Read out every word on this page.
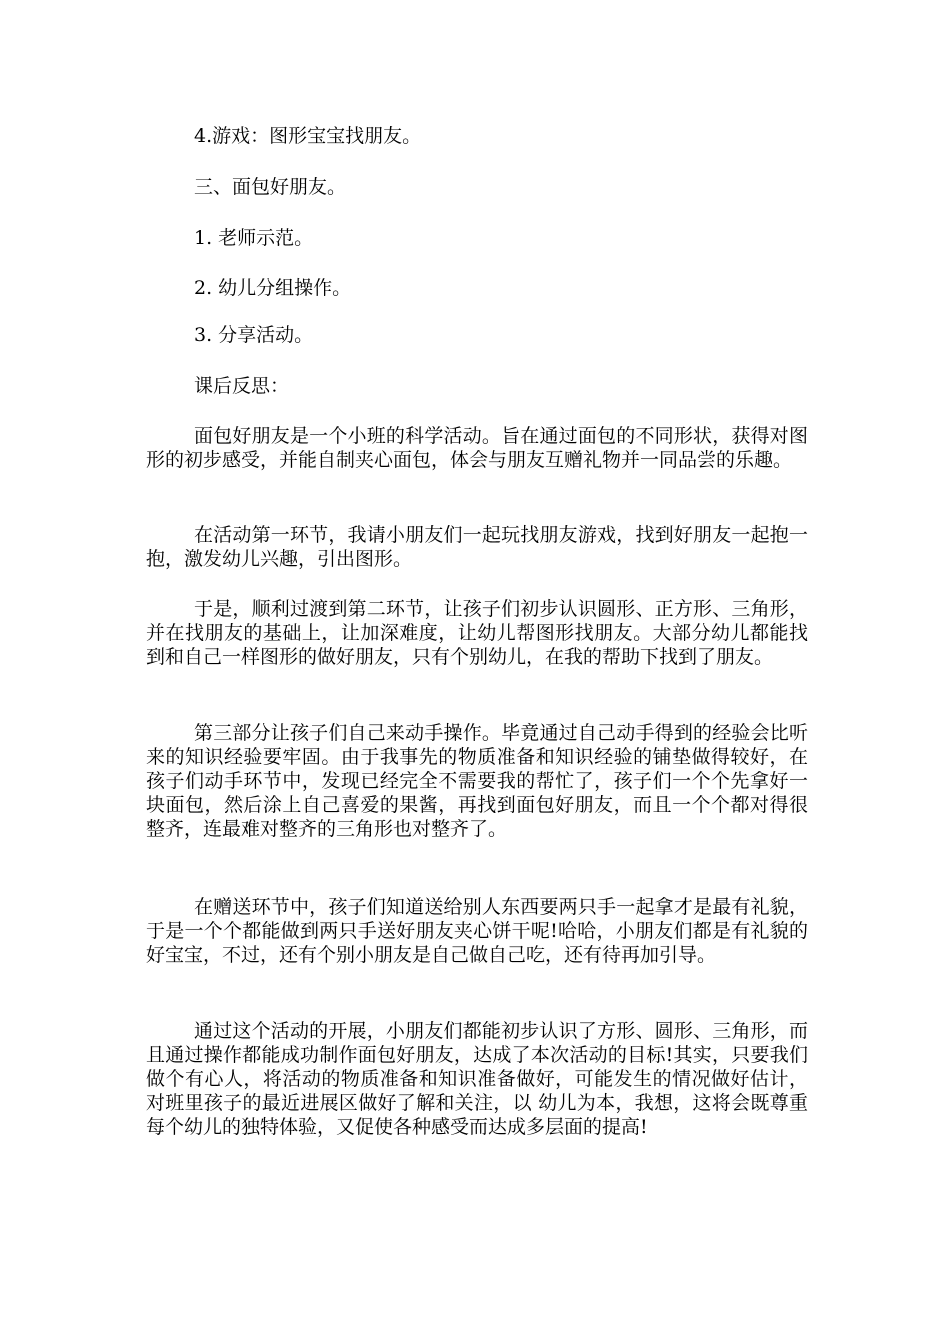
4.游戏：图形宝宝找朋友。

三、面包好朋友。

1. 老师示范。

2. 幼儿分组操作。

3. 分享活动。

课后反思：

面包好朋友是一个小班的科学活动。旨在通过面包的不同形状，获得对图形的初步感受，并能自制夹心面包，体会与朋友互赠礼物并一同品尝的乐趣。

在活动第一环节，我请小朋友们一起玩找朋友游戏，找到好朋友一起抱一抱，激发幼儿兴趣，引出图形。

于是，顺利过渡到第二环节，让孩子们初步认识圆形、正方形、三角形，并在找朋友的基础上，让加深难度，让幼儿帮图形找朋友。大部分幼儿都能找到和自己一样图形的做好朋友，只有个别幼儿，在我的帮助下找到了朋友。

第三部分让孩子们自己来动手操作。毕竟通过自己动手得到的经验会比听来的知识经验要牢固。由于我事先的物质准备和知识经验的铺垫做得较好，在孩子们动手环节中，发现已经完全不需要我的帮忙了，孩子们一个个先拿好一块面包，然后涂上自己喜爱的果酱，再找到面包好朋友，而且一个个都对得很整齐，连最难对整齐的三角形也对整齐了。

在赠送环节中，孩子们知道送给别人东西要两只手一起拿才是最有礼貌，于是一个个都能做到两只手送好朋友夹心饼干呢!哈哈，小朋友们都是有礼貌的好宝宝，不过，还有个别小朋友是自己做自己吃，还有待再加引导。

通过这个活动的开展，小朋友们都能初步认识了方形、圆形、三角形，而且通过操作都能成功制作面包好朋友，达成了本次活动的目标!其实，只要我们做个有心人，将活动的物质准备和知识准备做好，可能发生的情况做好估计，对班里孩子的最近进展区做好了解和关注，以 幼儿为本，我想，这将会既尊重每个幼儿的独特体验，又促使各种感受而达成多层面的提高!
